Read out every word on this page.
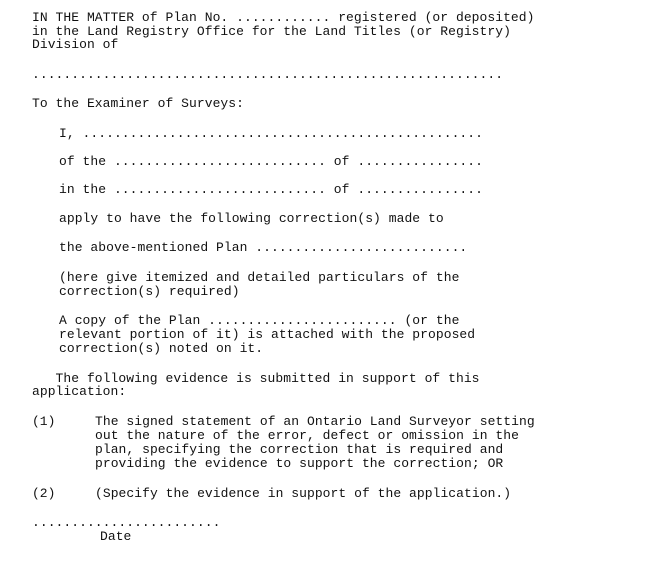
IN THE MATTER of Plan No. ............ registered (or deposited)
in the Land Registry Office for the Land Titles (or Registry)
Division of
............................................................
To the Examiner of Surveys:
I, ...................................................
of the ........................... of ................
in the ........................... of ................
apply to have the following correction(s) made to
the above-mentioned Plan ...........................
(here give itemized and detailed particulars of the
correction(s) required)
A copy of the Plan ........................ (or the
relevant portion of it) is attached with the proposed
correction(s) noted on it.
The following evidence is submitted in support of this
application:
(1)	The signed statement of an Ontario Land Surveyor setting
out the nature of the error, defect or omission in the
plan, specifying the correction that is required and
providing the evidence to support the correction; OR
(2)	(Specify the evidence in support of the application.)
........................
Date
